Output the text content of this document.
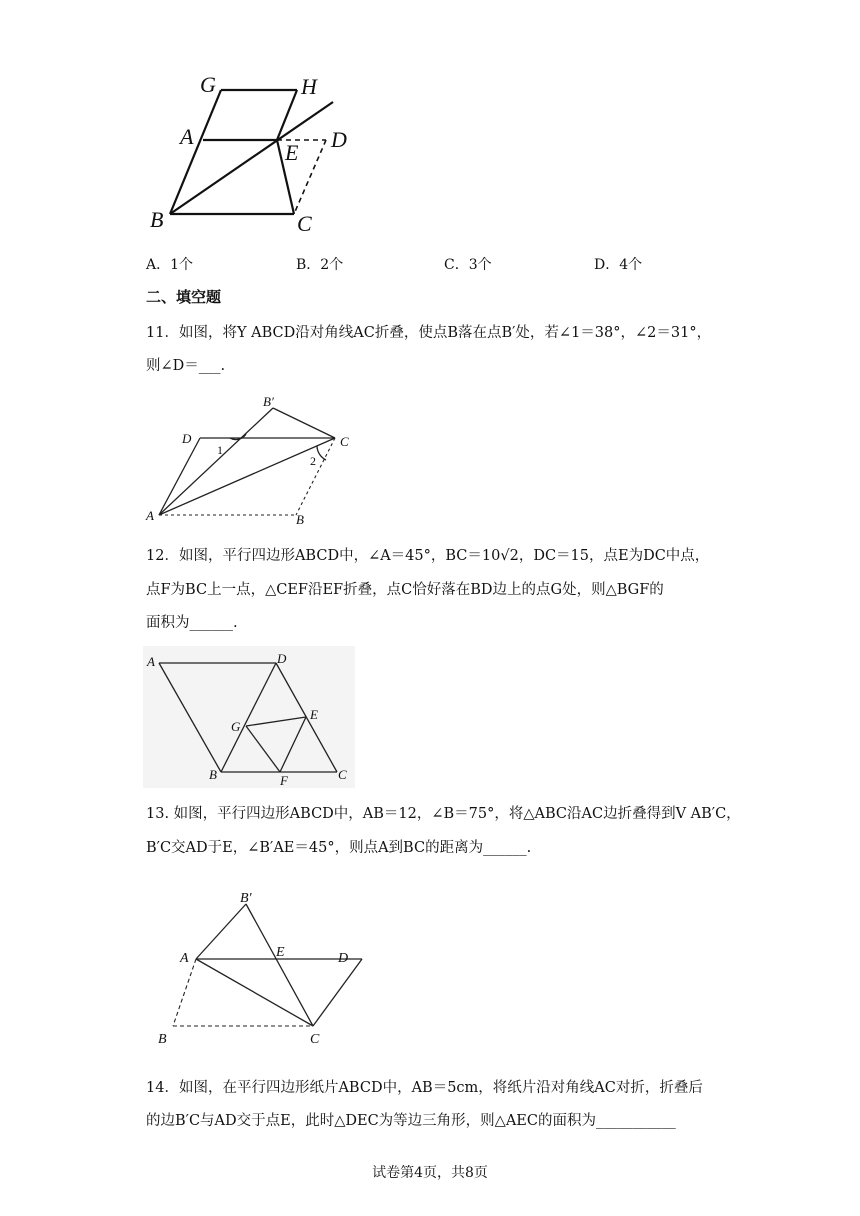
G	H
A
E
D
B	C
A．1个	B．2个	C．3个	D．4个
二、填空题
11．如图，将Y ABCD沿对角线AC折叠，使点B落在点B′处，若∠1＝38°，∠2＝31°，
则∠D＝___.
B′
D	C
1
2
A	B
12．如图，平行四边形ABCD中，∠A＝45°，BC＝10√2，DC＝15，点E为DC中点，
点F为BC上一点，△CEF沿EF折叠，点C恰好落在BD边上的点G处，则△BGF的
面积为______.
A	D
E
G
B	F	C
13. 如图，平行四边形ABCD中，AB＝12，∠B＝75°，将△ABC沿AC边折叠得到V AB′C，
B′C交AD于E，∠B′AE＝45°，则点A到BC的距离为______.
B′
A	E	D
B	C
14．如图，在平行四边形纸片ABCD中，AB＝5cm，将纸片沿对角线AC对折，折叠后
的边B′C与AD交于点E，此时△DEC为等边三角形，则△AEC的面积为___________
试卷第4页，共8页
